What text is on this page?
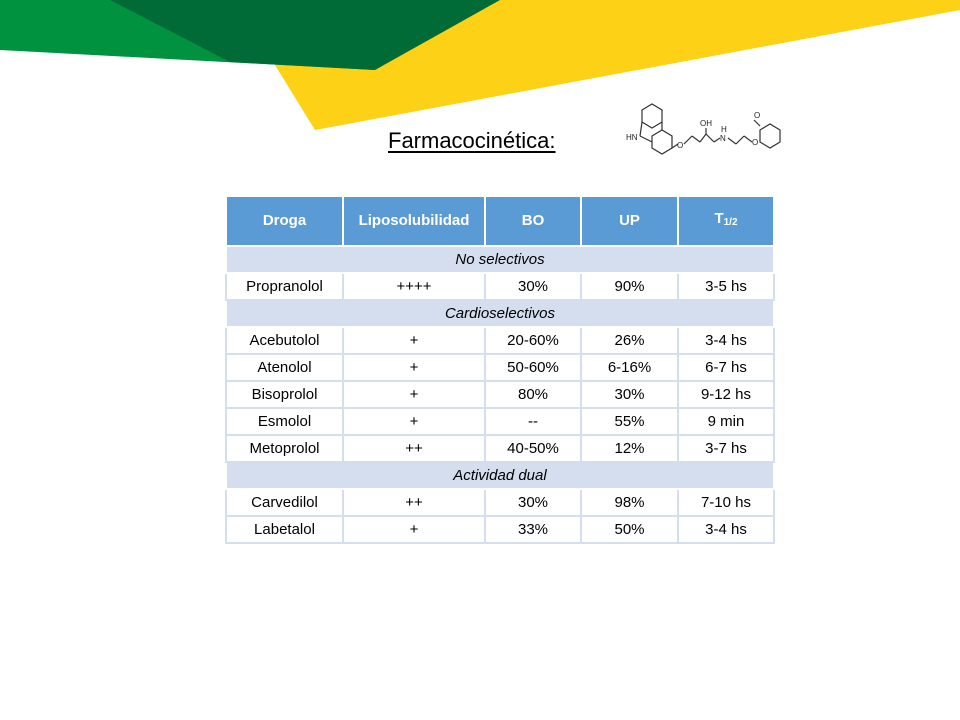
Farmacocinética:	HN
O
OH
H
N	O
O
Droga	Liposolubilidad	BO	UP	$T_{1/2}$
No selectivos				
Propranolol	++++	30%	90%	3-5 hs
Cardioselectivos				
Acebutolol	+	20-60%	26%	3-4 hs
Atenolol	+	50-60%	6-16%	6-7 hs
Bisoprolol	+	80%	30%	9-12 hs
Esmolol	+	--	55%	9 min
Metoprolol	++	40-50%	12%	3-7 hs
Actividad dual				
Carvedilol	++	30%	98%	7-10 hs
Labetalol	+	33%	50%	3-4 hs
